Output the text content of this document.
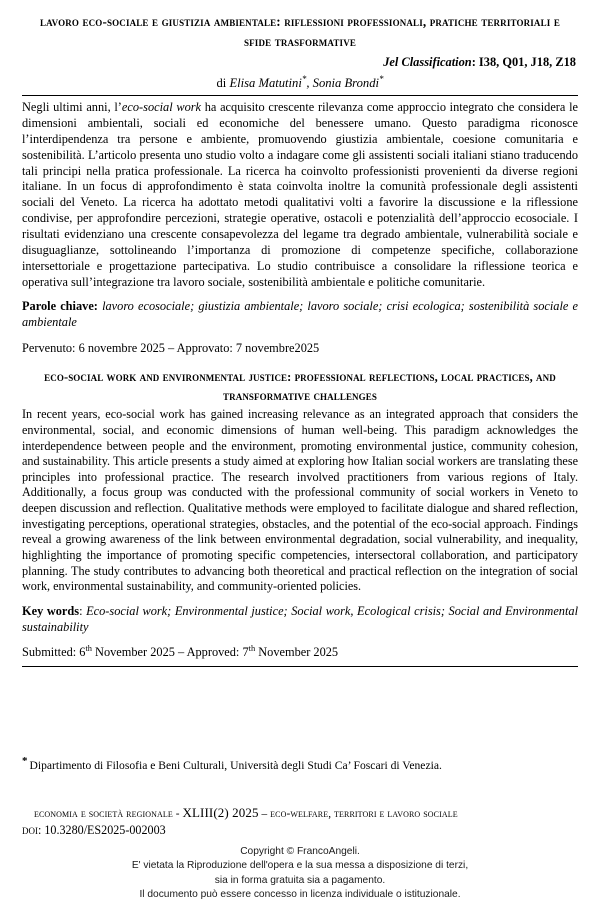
lavoro eco-sociale e giustizia ambientale: riflessioni professionali, pratiche territoriali e sfide trasformative
Jel Classification: I38, Q01, J18, Z18
di Elisa Matutini*, Sonia Brondi*

Negli ultimi anni, l’eco-social work ha acquisito crescente rilevanza come approccio integrato che considera le dimensioni ambientali, sociali ed economiche del benessere umano. Questo paradigma riconosce l’interdipendenza tra persone e ambiente, promuovendo giustizia ambientale, coesione comunitaria e sostenibilità. L’articolo presenta uno studio volto a indagare come gli assistenti sociali italiani stiano traducendo tali principi nella pratica professionale. La ricerca ha coinvolto professionisti provenienti da diverse regioni italiane. In un focus di approfondimento è stata coinvolta inoltre la comunità professionale degli assistenti sociali del Veneto. La ricerca ha adottato metodi qualitativi volti a favorire la discussione e la riflessione condivise, per approfondire percezioni, strategie operative, ostacoli e potenzialità dell’approccio ecosociale. I risultati evidenziano una crescente consapevolezza del legame tra degrado ambientale, vulnerabilità sociale e disuguaglianze, sottolineando l’importanza di promozione di competenze specifiche, collaborazione intersettoriale e progettazione partecipativa. Lo studio contribuisce a consolidare la riflessione teorica e operativa sull’integrazione tra lavoro sociale, sostenibilità ambientale e politiche comunitarie.

Parole chiave: lavoro ecosociale; giustizia ambientale; lavoro sociale; crisi ecologica; sostenibilità sociale e ambientale

Pervenuto: 6 novembre 2025 – Approvato: 7 novembre2025

eco-social work and environmental justice: professional reflections, local practices, and transformative challenges

In recent years, eco-social work has gained increasing relevance as an integrated approach that considers the environmental, social, and economic dimensions of human well-being. This paradigm acknowledges the interdependence between people and the environment, promoting environmental justice, community cohesion, and sustainability. This article presents a study aimed at exploring how Italian social workers are translating these principles into professional practice. The research involved practitioners from various regions of Italy. Additionally, a focus group was conducted with the professional community of social workers in Veneto to deepen discussion and reflection. Qualitative methods were employed to facilitate dialogue and shared reflection, investigating perceptions, operational strategies, obstacles, and the potential of the eco-social approach. Findings reveal a growing awareness of the link between environmental degradation, social vulnerability, and inequality, highlighting the importance of promoting specific competencies, intersectoral collaboration, and participatory planning. The study contributes to advancing both theoretical and practical reflection on the integration of social work, environmental sustainability, and community-oriented policies.

Key words: Eco-social work; Environmental justice; Social work, Ecological crisis; Social and Environmental sustainability

Submitted: 6th November 2025 – Approved: 7th November 2025

* Dipartimento di Filosofia e Beni Culturali, Università degli Studi Ca’ Foscari di Venezia.
economia e società regionale - XLIII(2) 2025 – eco-welfare, territori e lavoro sociale
doi: 10.3280/ES2025-002003
Copyright © FrancoAngeli.
E' vietata la Riproduzione dell'opera e la sua messa a disposizione di terzi,
sia in forma gratuita sia a pagamento.
Il documento può essere concesso in licenza individuale o istituzionale.
